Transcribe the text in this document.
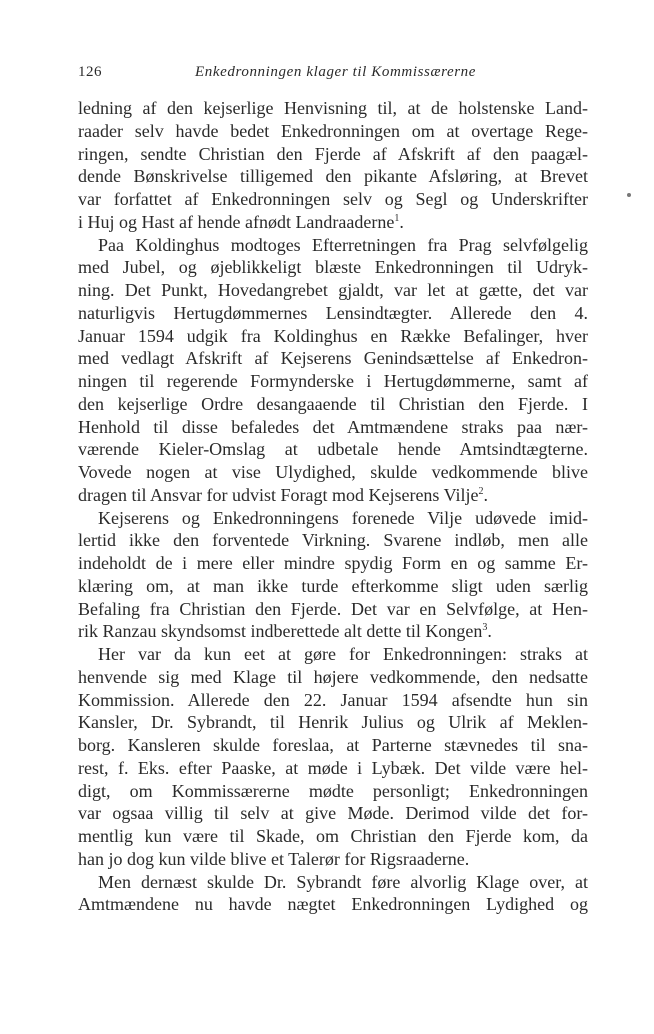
126	Enkedronningen klager til Kommissærerne
ledning af den kejserlige Henvisning til, at de holstenske Land-
raader selv havde bedet Enkedronningen om at overtage Rege-
ringen, sendte Christian den Fjerde af Afskrift af den paagæl-
dende Bønskrivelse tilligemed den pikante Afsløring, at Brevet
var forfattet af Enkedronningen selv og Segl og Underskrifter
i Huj og Hast af hende afnødt Landraaderne$^1$.
Paa Koldinghus modtoges Efterretningen fra Prag selvfølgelig
med Jubel, og øjeblikkeligt blæste Enkedronningen til Udryk-
ning. Det Punkt, Hovedangrebet gjaldt, var let at gætte, det var
naturligvis Hertugdømmernes Lensindtægter. Allerede den 4.
Januar 1594 udgik fra Koldinghus en Række Befalinger, hver
med vedlagt Afskrift af Kejserens Genindsættelse af Enkedron-
ningen til regerende Formynderske i Hertugdømmerne, samt af
den kejserlige Ordre desangaaende til Christian den Fjerde. I
Henhold til disse befaledes det Amtmændene straks paa nær-
værende Kieler-Omslag at udbetale hende Amtsindtægterne.
Vovede nogen at vise Ulydighed, skulde vedkommende blive
dragen til Ansvar for udvist Foragt mod Kejserens Vilje$^2$.
Kejserens og Enkedronningens forenede Vilje udøvede imid-
lertid ikke den forventede Virkning. Svarene indløb, men alle
indeholdt de i mere eller mindre spydig Form en og samme Er-
klæring om, at man ikke turde efterkomme sligt uden særlig
Befaling fra Christian den Fjerde. Det var en Selvfølge, at Hen-
rik Ranzau skyndsomst indberettede alt dette til Kongen$^3$.
Her var da kun eet at gøre for Enkedronningen: straks at
henvende sig med Klage til højere vedkommende, den nedsatte
Kommission. Allerede den 22. Januar 1594 afsendte hun sin
Kansler, Dr. Sybrandt, til Henrik Julius og Ulrik af Meklen-
borg. Kansleren skulde foreslaa, at Parterne stævnedes til sna-
rest, f. Eks. efter Paaske, at møde i Lybæk. Det vilde være hel-
digt, om Kommissærerne mødte personligt; Enkedronningen
var ogsaa villig til selv at give Møde. Derimod vilde det for-
mentlig kun være til Skade, om Christian den Fjerde kom, da
han jo dog kun vilde blive et Talerør for Rigsraaderne.
Men dernæst skulde Dr. Sybrandt føre alvorlig Klage over, at
Amtmændene nu havde nægtet Enkedronningen Lydighed og
